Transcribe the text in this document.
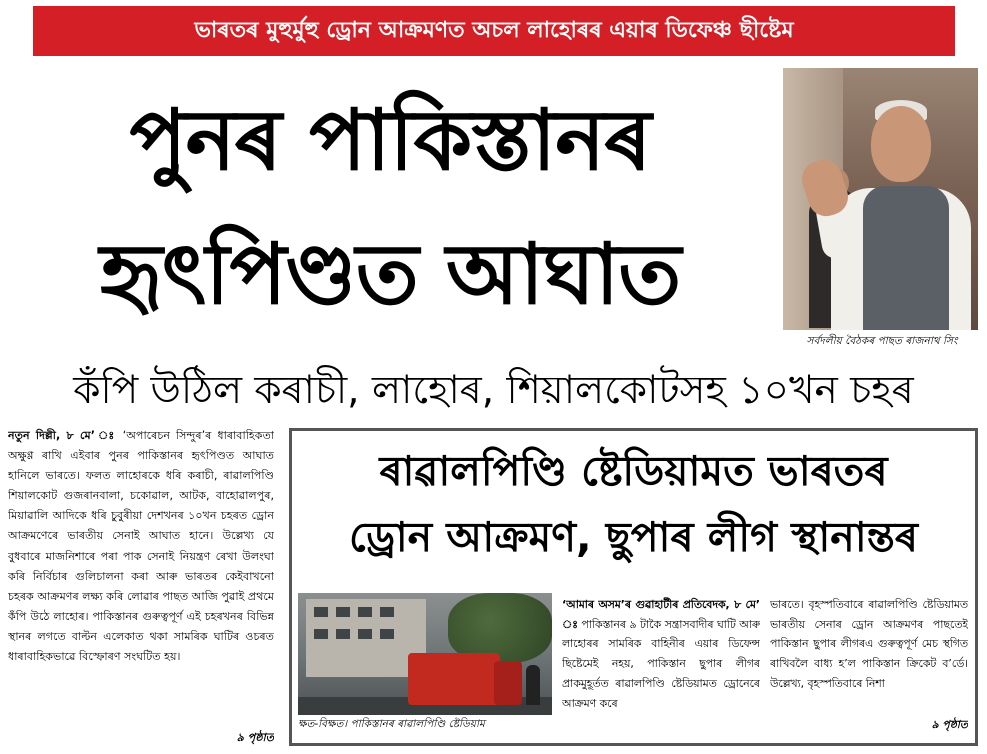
ভাৰতৰ মুহুৰ্মুহু ড্ৰোন আক্ৰমণত অচল লাহোৰৰ এয়াৰ ডিফেঞ্চ ছীষ্টেম
পুনৰ পাকিস্তানৰ
হৃৎপিণ্ডত আঘাত
সৰ্বদলীয় বৈঠকৰ পাছত ৰাজনাথ সিং
কঁপি উঠিল কৰাচী, লাহোৰ, শিয়ালকোটসহ ১০খন চহৰ
নতুন দিল্লী, ৮ মে’ ঃ ‘অপাৰেচন সিন্দুৰ’ৰ ধাৰাবাহিকতা অক্ষুণ্ণ ৰাখি এইবাৰ পুনৰ পাকিস্তানৰ হৃৎপিণ্ডত আঘাত হানিলে ভাৰতে। ফলত লাহোৰকে ধৰি কৰাচী, ৰাৱালপিণ্ডি শিয়ালকোট গুজৰানবালা, চকোৱাল, আটক, বাহোৱালপুৰ, মিয়াৱালি আদিকে ধৰি চুবুৰীয়া দেশখনৰ ১০খন চহৰত ড্ৰোন আক্ৰমণেৰে ভাৰতীয় সেনাই আঘাত হানে। উল্লেখ্য যে বুধবাৰে মাজনিশাৰে পৰা পাক সেনাই নিয়ন্ত্ৰণ ৰেখা উলংঘা কৰি নিৰ্বিচাৰ গুলিচালনা কৰা আৰু ভাৰতৰ কেইবাখনো চহৰক আক্ৰমণৰ লক্ষ্য কৰি লোৱাৰ পাছত আজি পুৱাই প্ৰথমে কঁপি উঠে লাহোৰ। পাকিস্তানৰ গুৰুত্বপূৰ্ণ এই চহৰখনৰ বিভিন্ন স্থানৰ লগতে বাল্টন এলেকাত থকা সামৰিক ঘাটিৰ ওচৰত ধাৰাবাহিকভাৱে বিস্ফোৰণ সংঘটিত হয়।
৯ পৃষ্ঠাত
ৰাৱালপিণ্ডি ষ্টেডিয়ামত ভাৰতৰ
ড্ৰোন আক্ৰমণ, ছুপাৰ লীগ স্থানান্তৰ
ক্ষত-বিক্ষত। পাকিস্তানৰ ৰাৱালপিণ্ডি ষ্টেডিয়াম
‘আমাৰ অসম’ৰ গুৱাহাটীৰ প্ৰতিবেদক, ৮ মে’ ঃ পাকিস্তানৰ ৯ টাকৈ সন্ত্ৰাসবাদীৰ ঘাটি আৰু লাহোৰৰ সামৰিক বাহিনীৰ এয়াৰ ডিফেন্স ছিষ্টেমেই নহয়, পাকিস্তান ছুপাৰ লীগৰ প্ৰাকমুহূৰ্তত ৰাৱালপিণ্ডি ষ্টেডিয়ামত ড্ৰোনেৰে আক্ৰমণ কৰে
ভাৰতে। বৃহস্পতিবাৰে ৰাৱালপিণ্ডি ষ্টেডিয়ামত ভাৰতীয় সেনাৰ ড্ৰোন আক্ৰমণৰ পাছতেই পাকিস্তান ছুপাৰ লীগৰএ গুৰুত্বপূৰ্ণ মেচ স্থগিত ৰাখিবলৈ বাধ্য হ’ল পাকিস্তান ক্ৰিকেট ব’ৰ্ডে। উল্লেখ্য, বৃহস্পতিবাৰে নিশা
৯ পৃষ্ঠাত
